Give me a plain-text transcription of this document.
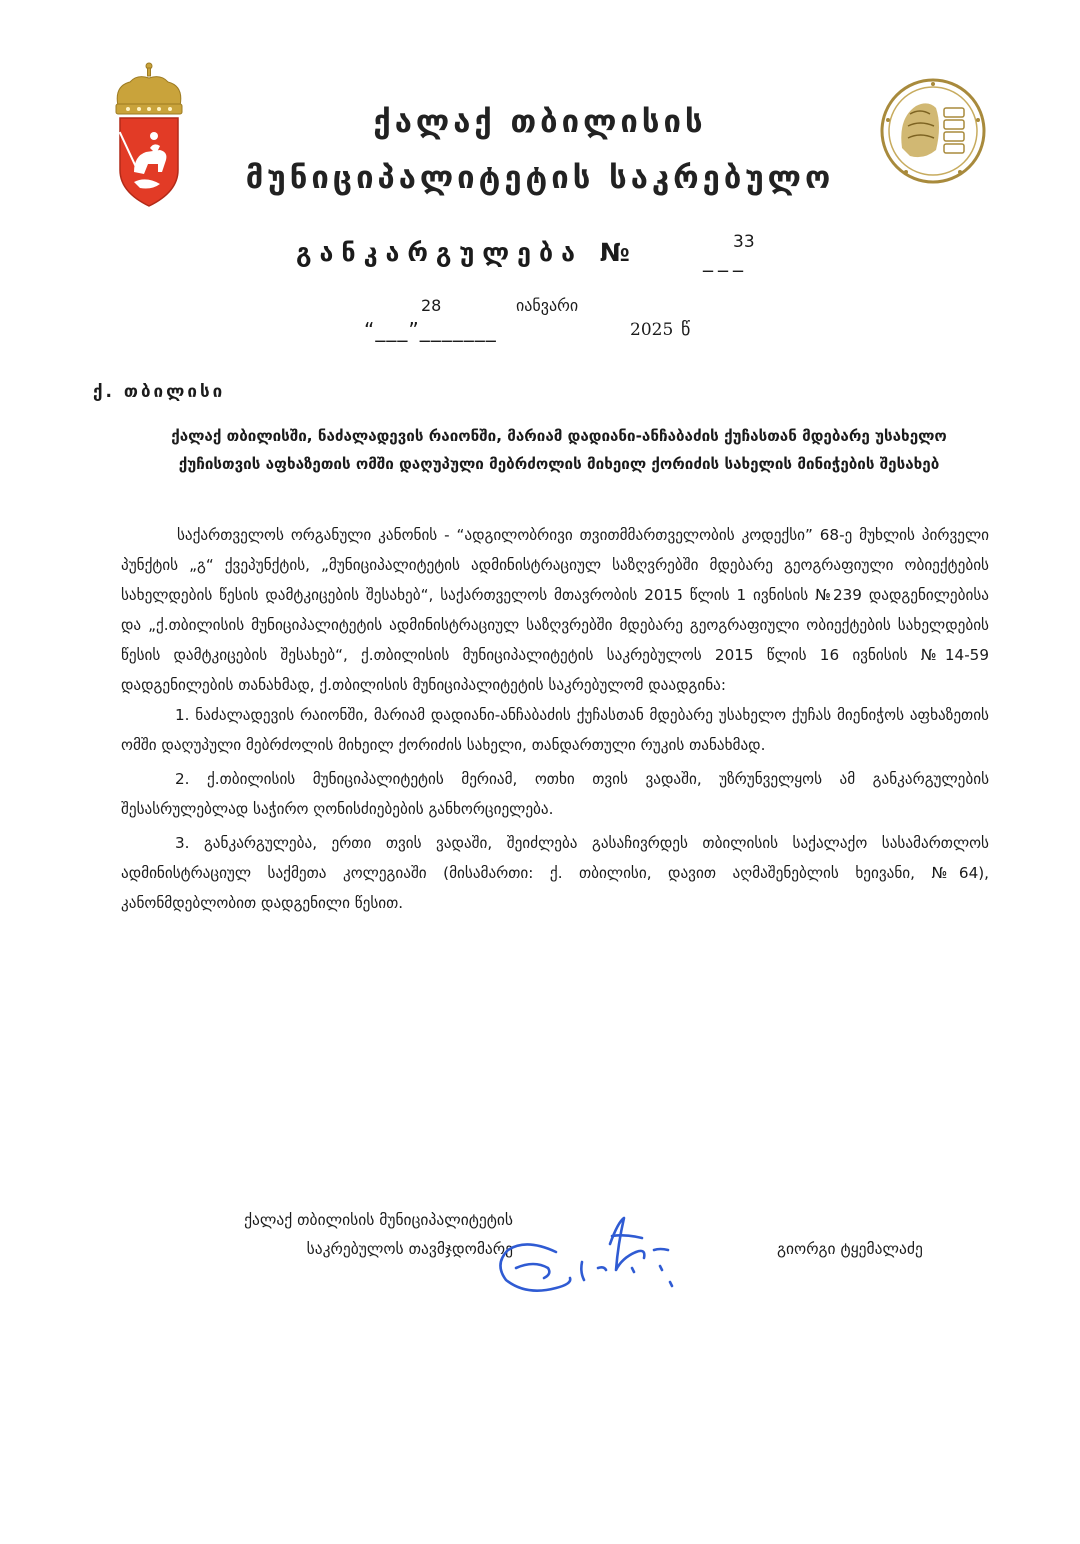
ქალაქ თბილისის
მუნიციპალიტეტის საკრებულო
განკარგულება №	33
___
28	იანვარი
“___”_______	2025 წ
ქ. თბილისი
ქალაქ თბილისში, ნაძალადევის რაიონში, მარიამ დადიანი-ანჩაბაძის ქუჩასთან მდებარე უსახელო ქუჩისთვის აფხაზეთის ომში დაღუპული მებრძოლის მიხეილ ქორიძის სახელის მინიჭების შესახებ

საქართველოს ორგანული კანონის - “ადგილობრივი თვითმმართველობის კოდექსი” 68-ე მუხლის პირველი პუნქტის „გ“ ქვეპუნქტის, „მუნიციპალიტეტის ადმინისტრაციულ საზღვრებში მდებარე გეოგრაფიული ობიექტების სახელდების წესის დამტკიცების შესახებ“, საქართველოს მთავრობის 2015 წლის 1 ივნისის №239 დადგენილებისა და „ქ.თბილისის მუნიციპალიტეტის ადმინისტრაციულ საზღვრებში მდებარე გეოგრაფიული ობიექტების სახელდების წესის დამტკიცების შესახებ“, ქ.თბილისის მუნიციპალიტეტის საკრებულოს 2015 წლის 16 ივნისის №14-59 დადგენილების თანახმად, ქ.თბილისის მუნიციპალიტეტის საკრებულომ დაადგინა:

1. ნაძალადევის რაიონში, მარიამ დადიანი-ანჩაბაძის ქუჩასთან მდებარე უსახელო ქუჩას მიენიჭოს აფხაზეთის ომში დაღუპული მებრძოლის მიხეილ ქორიძის სახელი, თანდართული რუკის თანახმად.

2. ქ.თბილისის მუნიციპალიტეტის მერიამ, ოთხი თვის ვადაში, უზრუნველყოს ამ განკარგულების შესასრულებლად საჭირო ღონისძიებების განხორციელება.

3. განკარგულება, ერთი თვის ვადაში, შეიძლება გასაჩივრდეს თბილისის საქალაქო სასამართლოს ადმინისტრაციულ საქმეთა კოლეგიაში (მისამართი: ქ. თბილისი, დავით აღმაშენებლის ხეივანი, №64), კანონმდებლობით დადგენილი წესით.

ქალაქ თბილისის მუნიციპალიტეტის
საკრებულოს თავმჯდომარე	გიორგი ტყემალაძე
